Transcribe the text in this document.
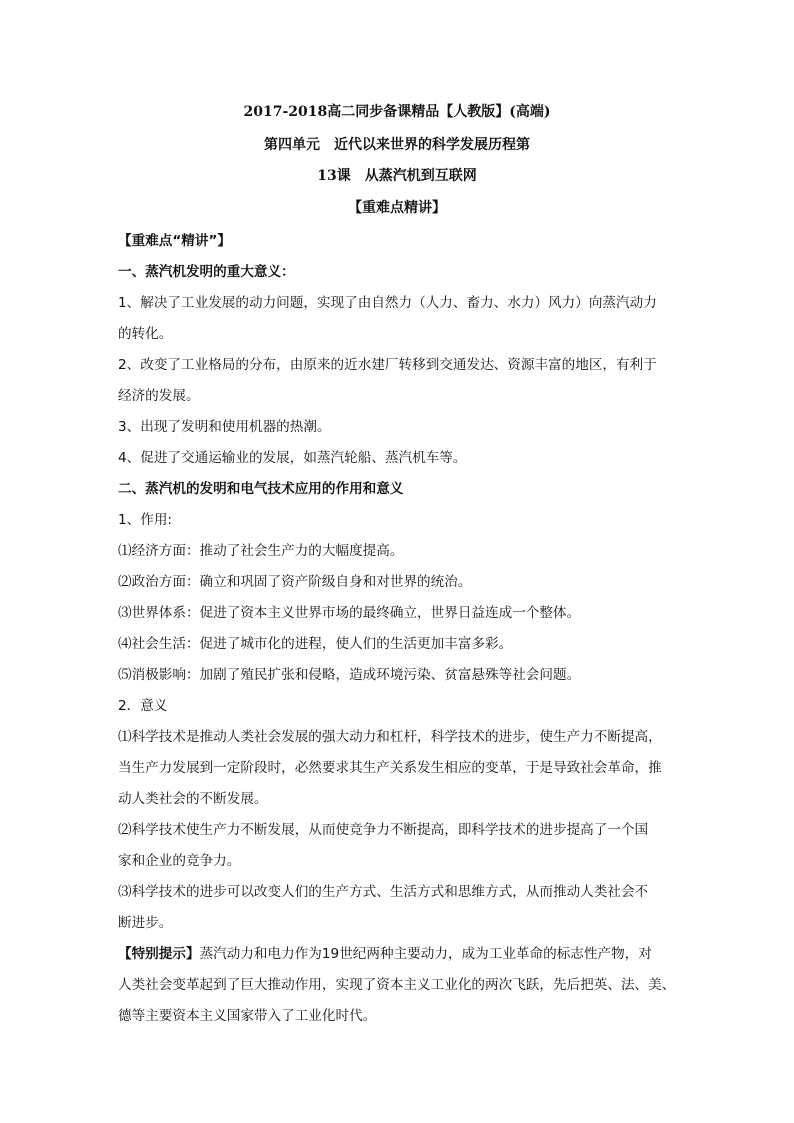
2017-2018高二同步备课精品【人教版】(高端)
第四单元　近代以来世界的科学发展历程第
13课　从蒸汽机到互联网
【重难点精讲】
【重难点“精讲”】
一、蒸汽机发明的重大意义：
1、解决了工业发展的动力问题，实现了由自然力（人力、畜力、水力）风力）向蒸汽动力
的转化。
2、改变了工业格局的分布，由原来的近水建厂转移到交通发达、资源丰富的地区，有利于
经济的发展。
3、出现了发明和使用机器的热潮。
4、促进了交通运输业的发展，如蒸汽轮船、蒸汽机车等。
二、蒸汽机的发明和电气技术应用的作用和意义
1、作用:
⑴经济方面：推动了社会生产力的大幅度提高。
⑵政治方面：确立和巩固了资产阶级自身和对世界的统治。
⑶世界体系：促进了资本主义世界市场的最终确立，世界日益连成一个整体。
⑷社会生活：促进了城市化的进程，使人们的生活更加丰富多彩。
⑸消极影响：加剧了殖民扩张和侵略，造成环境污染、贫富悬殊等社会问题。
2．意义
⑴科学技术是推动人类社会发展的强大动力和杠杆，科学技术的进步，使生产力不断提高，
当生产力发展到一定阶段时，必然要求其生产关系发生相应的变革，于是导致社会革命，推
动人类社会的不断发展。
⑵科学技术使生产力不断发展，从而使竞争力不断提高，即科学技术的进步提高了一个国
家和企业的竞争力。
⑶科学技术的进步可以改变人们的生产方式、生活方式和思维方式，从而推动人类社会不
断进步。
【特别提示】蒸汽动力和电力作为19世纪两种主要动力，成为工业革命的标志性产物，对
人类社会变革起到了巨大推动作用，实现了资本主义工业化的两次飞跃，先后把英、法、美、
德等主要资本主义国家带入了工业化时代。
